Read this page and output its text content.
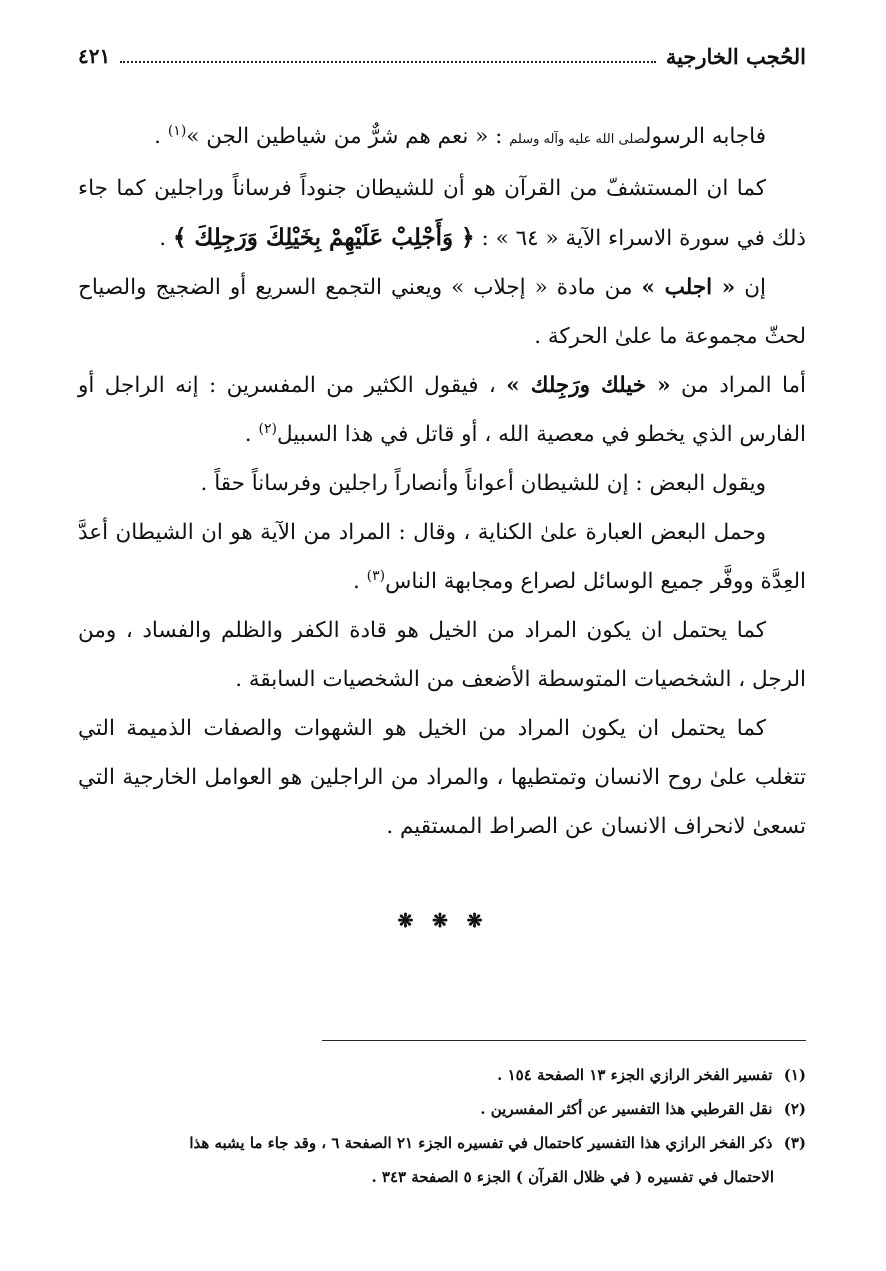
الحُجب الخارجية
٤٢١

فاجابه الرسولصلى الله عليه وآله وسلم : « نعم هم شرٌّ من شياطين الجن »$^{(١)}$ .

كما ان المستشفّ من القرآن هو أن للشيطان جنوداً فرساناً وراجلين كما جاء ذلك في سورة الاسراء الآية « ٦٤ » : ﴿ وَأَجْلِبْ عَلَيْهِمْ بِخَيْلِكَ وَرَجِلِكَ ﴾ .

إن « اجلب » من مادة « إجلاب » ويعني التجمع السريع أو الضجيج والصياح لحثّ مجموعة ما علىٰ الحركة .

أما المراد من « خيلك ورَجِلك » ، فيقول الكثير من المفسرين : إنه الراجل أو الفارس الذي يخطو في معصية الله ، أو قاتل في هذا السبيل$^{(٢)}$ .

ويقول البعض : إن للشيطان أعواناً وأنصاراً راجلين وفرساناً حقاً .

وحمل البعض العبارة علىٰ الكناية ، وقال : المراد من الآية هو ان الشيطان أعدَّ العِدَّة ووفَّر جميع الوسائل لصراع ومجابهة الناس$^{(٣)}$ .

كما يحتمل ان يكون المراد من الخيل هو قادة الكفر والظلم والفساد ، ومن الرجل ، الشخصيات المتوسطة الأضعف من الشخصيات السابقة .

كما يحتمل ان يكون المراد من الخيل هو الشهوات والصفات الذميمة التي تتغلب علىٰ روح الانسان وتمتطيها ، والمراد من الراجلين هو العوامل الخارجية التي تسعىٰ لانحراف الانسان عن الصراط المستقيم .

❋ ❋ ❋

(١) تفسير الفخر الرازي الجزء ١٣ الصفحة ١٥٤ .

(٢) نقل القرطبي هذا التفسير عن أكثر المفسرين .

(٣) ذكر الفخر الرازي هذا التفسير كاحتمال في تفسيره الجزء ٢١ الصفحة ٦ ، وقد جاء ما يشبه هذا

الاحتمال في تفسيره ( في ظلال القرآن ) الجزء ٥ الصفحة ٣٤٣ .
